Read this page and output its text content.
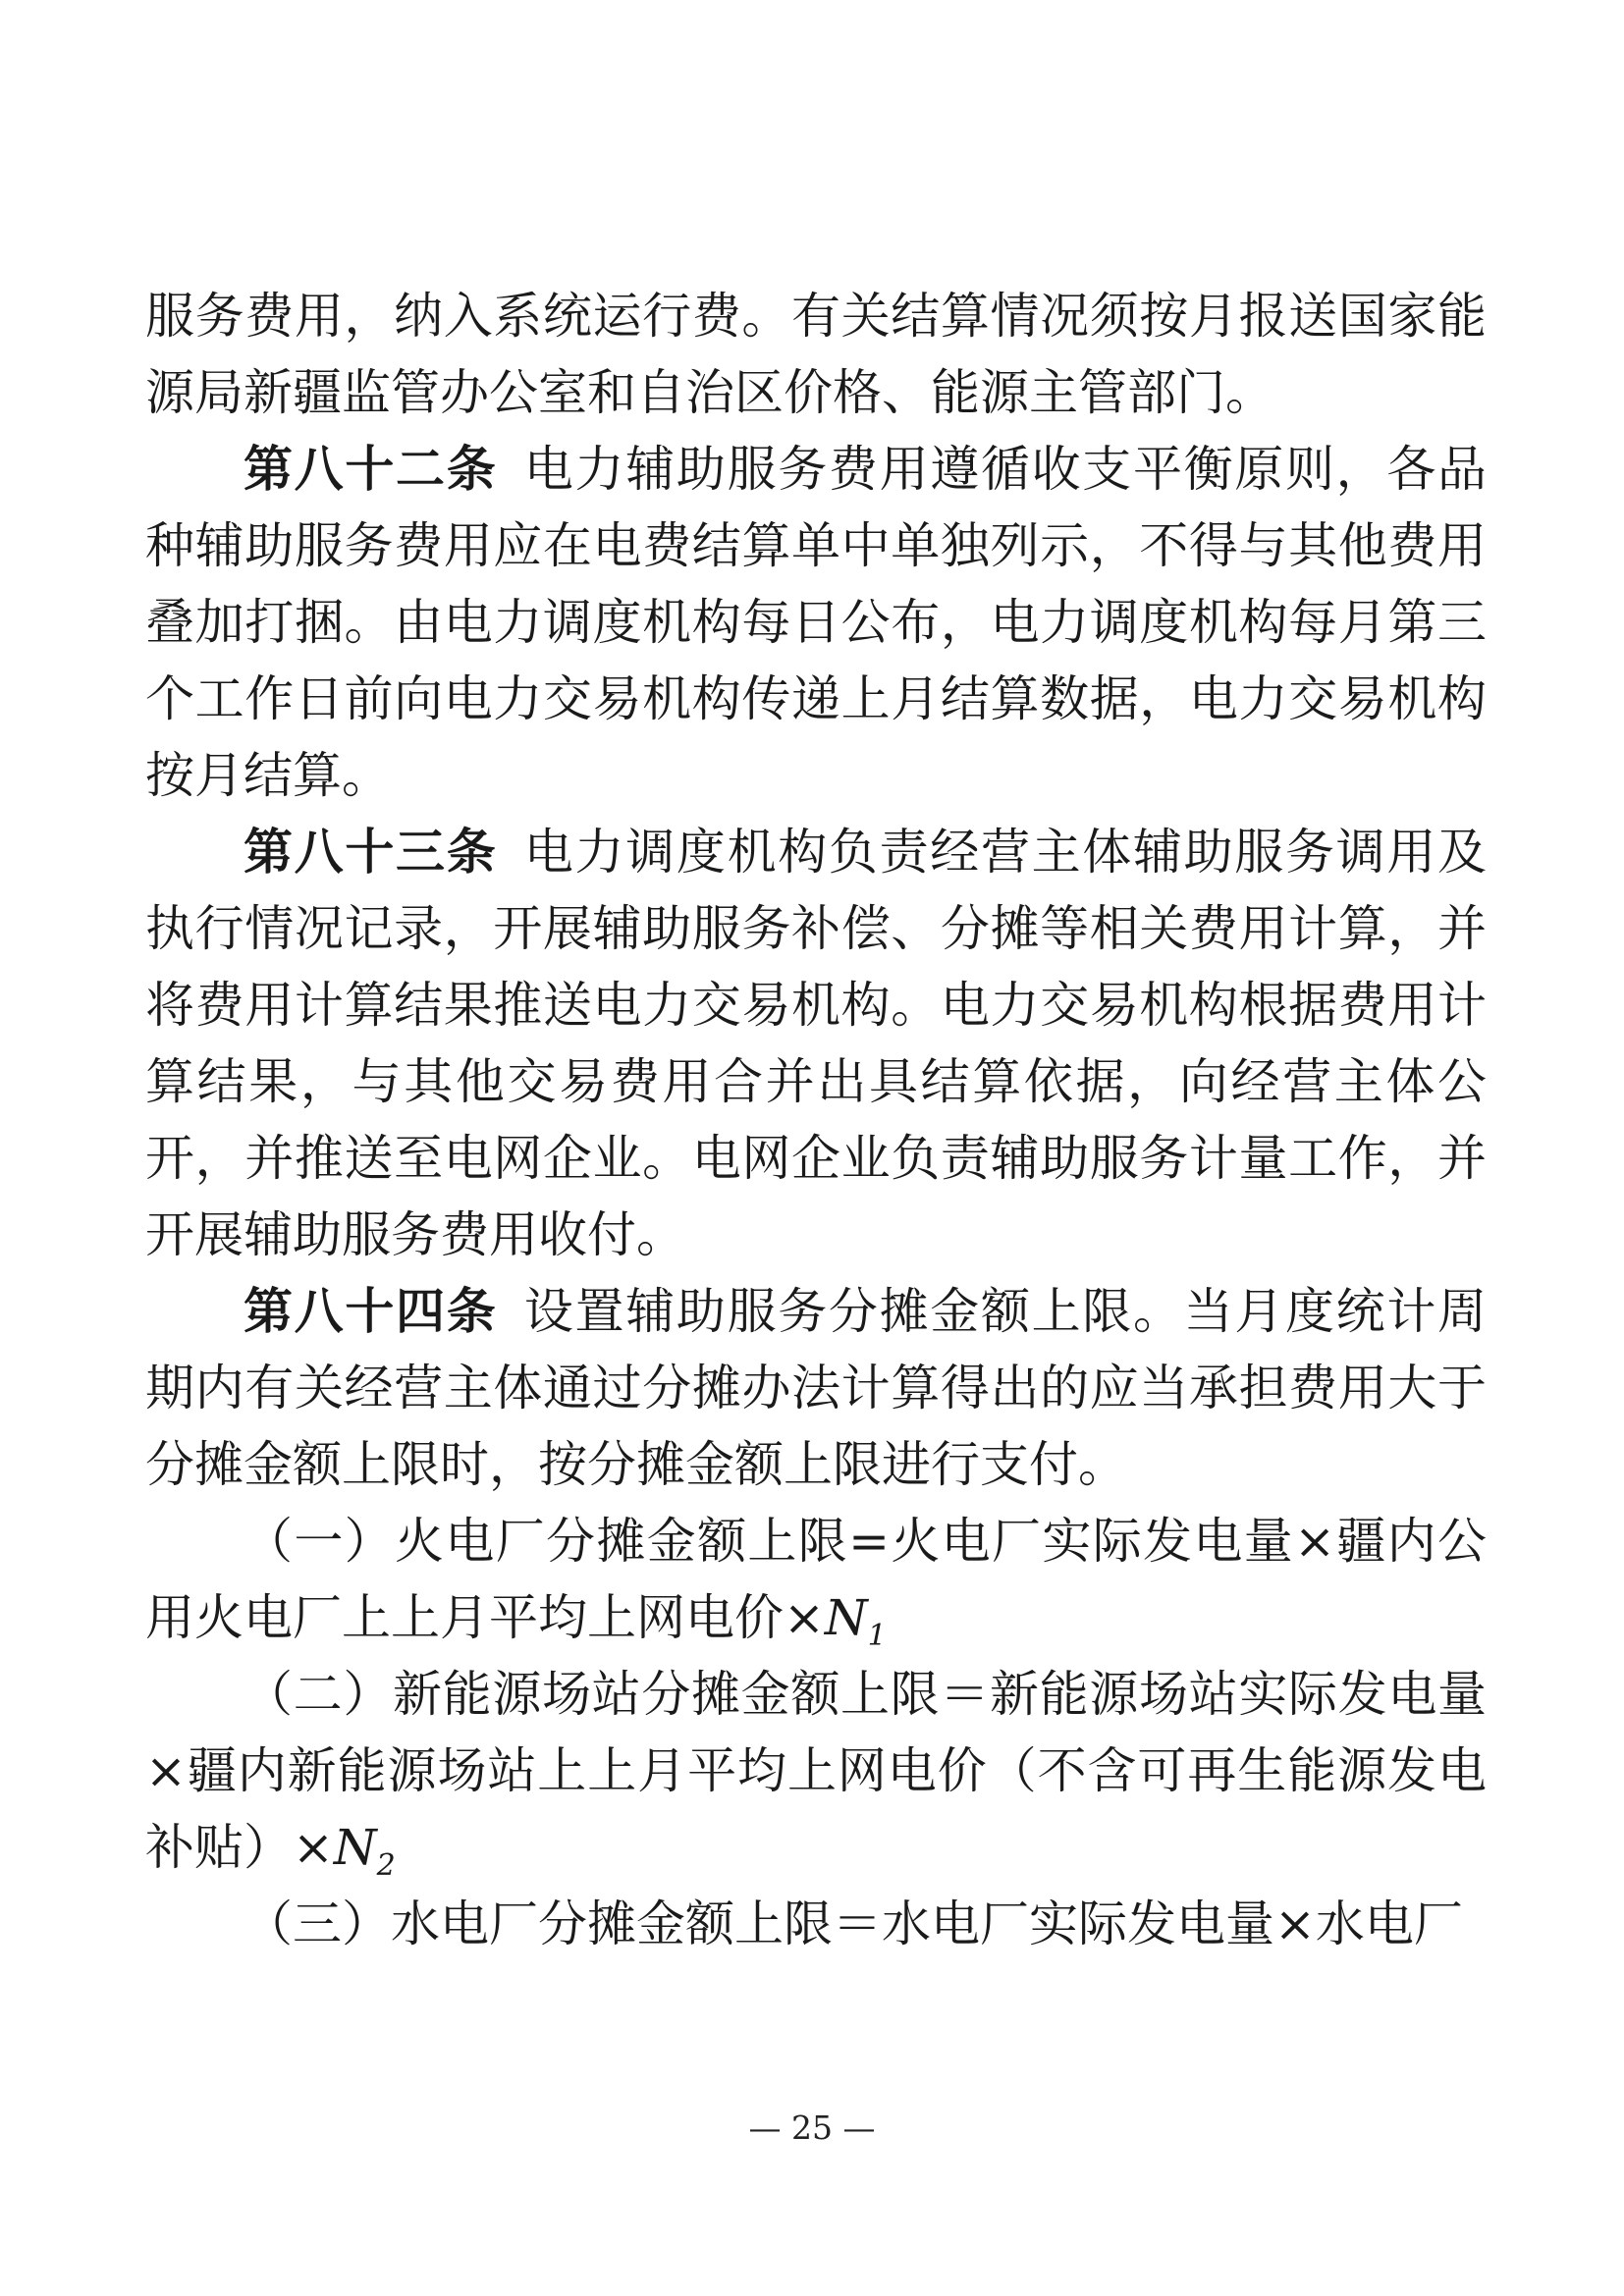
服务费用，纳入系统运行费。有关结算情况须按月报送国家能源局新疆监管办公室和自治区价格、能源主管部门。

第八十二条 电力辅助服务费用遵循收支平衡原则，各品种辅助服务费用应在电费结算单中单独列示，不得与其他费用叠加打捆。由电力调度机构每日公布，电力调度机构每月第三个工作日前向电力交易机构传递上月结算数据，电力交易机构按月结算。

第八十三条 电力调度机构负责经营主体辅助服务调用及执行情况记录，开展辅助服务补偿、分摊等相关费用计算，并将费用计算结果推送电力交易机构。电力交易机构根据费用计算结果，与其他交易费用合并出具结算依据，向经营主体公开，并推送至电网企业。电网企业负责辅助服务计量工作，并开展辅助服务费用收付。

第八十四条 设置辅助服务分摊金额上限。当月度统计周期内有关经营主体通过分摊办法计算得出的应当承担费用大于分摊金额上限时，按分摊金额上限进行支付。

（一）火电厂分摊金额上限=火电厂实际发电量×疆内公用火电厂上上月平均上网电价$\times N_1$

（二）新能源场站分摊金额上限＝新能源场站实际发电量×疆内新能源场站上上月平均上网电价（不含可再生能源发电补贴）$\times N_2$

（三）水电厂分摊金额上限＝水电厂实际发电量×水电厂

— 25 —
